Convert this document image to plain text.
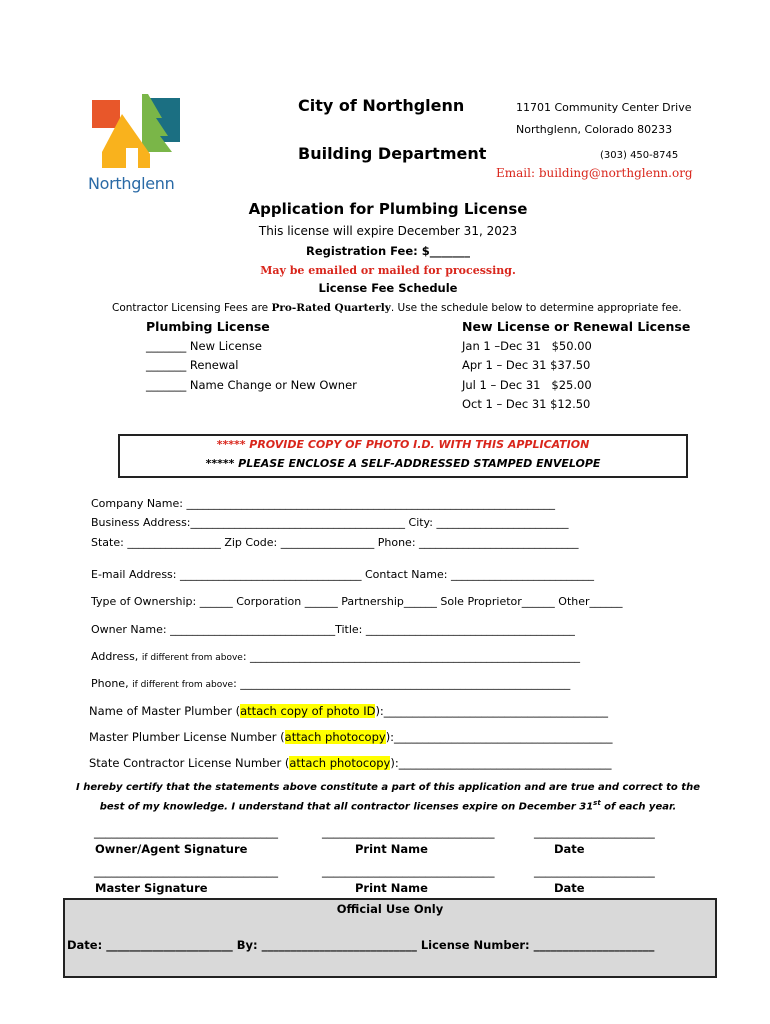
Northglenn
City of Northglenn
Building Department
11701 Community Center Drive
Northglenn, Colorado 80233
(303) 450-8745
Email: building@northglenn.org
Application for Plumbing License
This license will expire December 31, 2023
Registration Fee: $_______
May be emailed or mailed for processing.
License Fee Schedule
Contractor Licensing Fees are Pro-Rated Quarterly. Use the schedule below to determine appropriate fee.
Plumbing License
_______ New License
_______ Renewal
_______ Name Change or New Owner
New License or Renewal License
Jan 1 –Dec 31   $50.00
Apr 1 – Dec 31 $37.50
Jul 1 – Dec 31   $25.00
Oct 1 – Dec 31 $12.50
***** PROVIDE COPY OF PHOTO I.D. WITH THIS APPLICATION
***** PLEASE ENCLOSE A SELF-ADDRESSED STAMPED ENVELOPE
Company Name: ___________________________________________________________________
Business Address:_______________________________________ City: ________________________
State: _________________ Zip Code: _________________ Phone: _____________________________
E-mail Address: _________________________________ Contact Name: __________________________
Type of Ownership: ______ Corporation ______ Partnership______ Sole Proprietor______ Other______
Owner Name: ______________________________Title: ______________________________________
Address, if different from above: ____________________________________________________________
Phone, if different from above: ____________________________________________________________
Name of Master Plumber (attach copy of photo ID):_______________________________________
Master Plumber License Number (attach photocopy):______________________________________
State Contractor License Number (attach photocopy):_____________________________________
I hereby certify that the statements above constitute a part of this application and are true and correct to the
best of my knowledge. I understand that all contractor licenses expire on December 31st of each year.
________________________________	______________________________	_____________________
Owner/Agent Signature	Print Name	Date
________________________________	______________________________	_____________________
Master Signature	Print Name	Date
Official Use Only
Date: ______________________ By: ___________________________ License Number: _____________________
